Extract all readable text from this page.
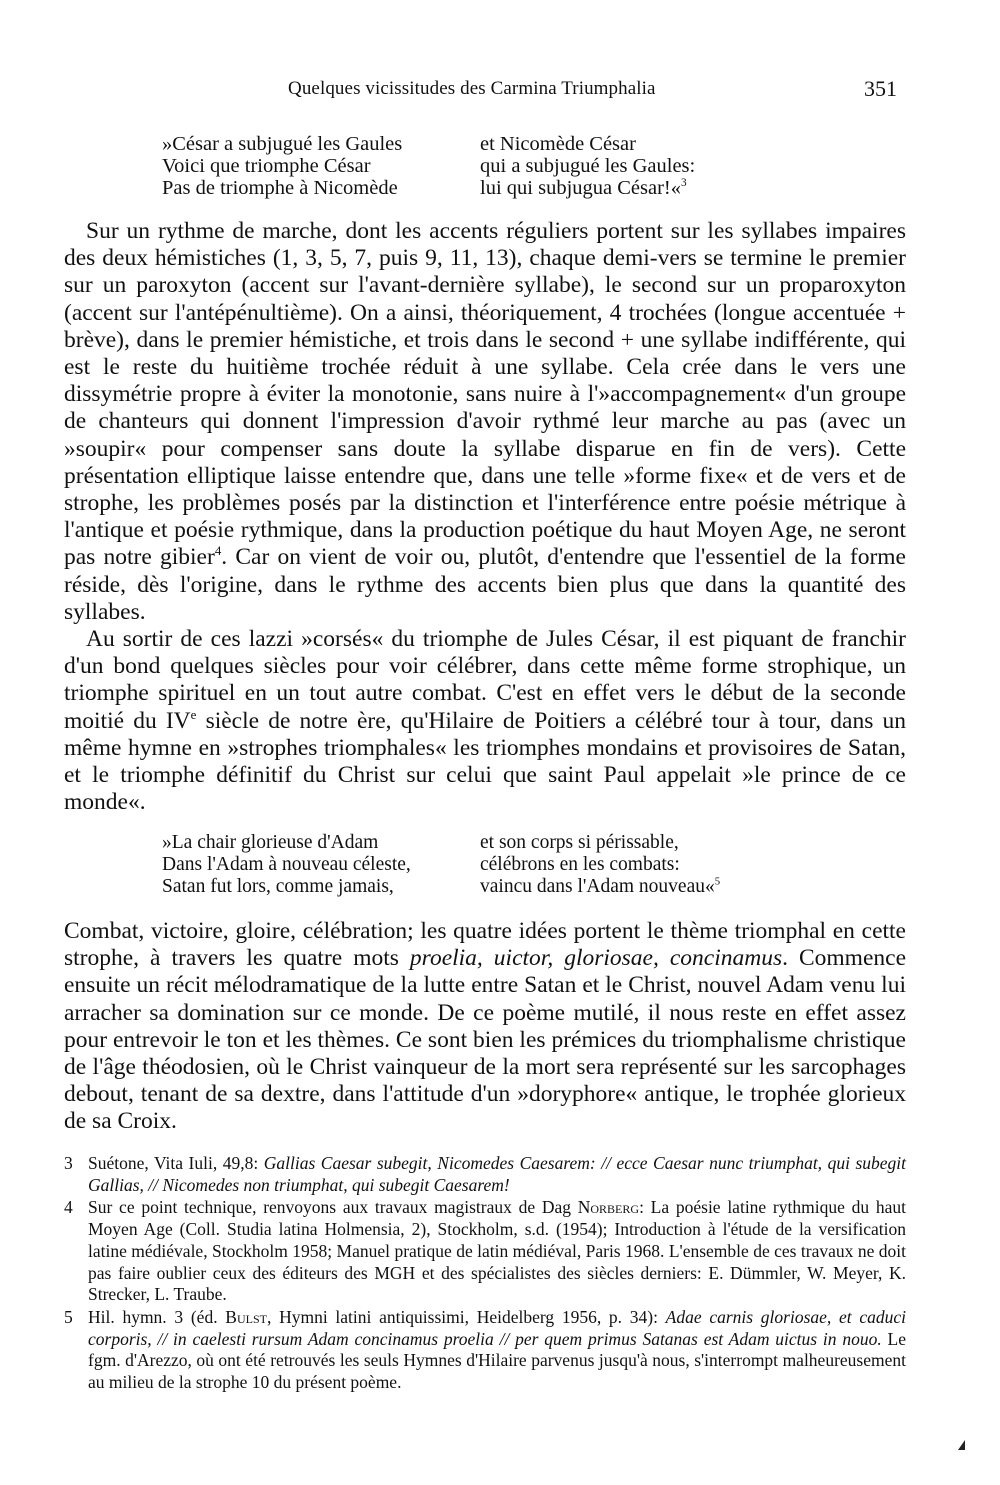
Quelques vicissitudes des Carmina Triumphalia	351
»César a subjugué les Gaules	et Nicomède César
Voici que triomphe César	qui a subjugué les Gaules:
Pas de triomphe à Nicomède	lui qui subjugua César!«$^3$

Sur un rythme de marche, dont les accents réguliers portent sur les syllabes impaires des deux hémistiches (1, 3, 5, 7, puis 9, 11, 13), chaque demi-vers se termine le premier sur un paroxyton (accent sur l'avant-dernière syllabe), le second sur un proparoxyton (accent sur l'antépénultième). On a ainsi, théoriquement, 4 trochées (longue accentuée + brève), dans le premier hémistiche, et trois dans le second + une syllabe indifférente, qui est le reste du huitième trochée réduit à une syllabe. Cela crée dans le vers une dissymétrie propre à éviter la monotonie, sans nuire à l'»accompagnement« d'un groupe de chanteurs qui donnent l'impression d'avoir rythmé leur marche au pas (avec un »soupir« pour compenser sans doute la syllabe disparue en fin de vers). Cette présentation elliptique laisse entendre que, dans une telle »forme fixe« et de vers et de strophe, les problèmes posés par la distinction et l'interférence entre poésie métrique à l'antique et poésie rythmique, dans la production poétique du haut Moyen Age, ne seront pas notre gibier$^4$. Car on vient de voir ou, plutôt, d'entendre que l'essentiel de la forme réside, dès l'origine, dans le rythme des accents bien plus que dans la quantité des syllabes.

Au sortir de ces lazzi »corsés« du triomphe de Jules César, il est piquant de franchir d'un bond quelques siècles pour voir célébrer, dans cette même forme strophique, un triomphe spirituel en un tout autre combat. C'est en effet vers le début de la seconde moitié du IVe siècle de notre ère, qu'Hilaire de Poitiers a célébré tour à tour, dans un même hymne en »strophes triomphales« les triomphes mondains et provisoires de Satan, et le triomphe définitif du Christ sur celui que saint Paul appelait »le prince de ce monde«.

»La chair glorieuse d'Adam	et son corps si périssable,
Dans l'Adam à nouveau céleste,	célébrons en les combats:
Satan fut lors, comme jamais,	vaincu dans l'Adam nouveau«$^5$

Combat, victoire, gloire, célébration; les quatre idées portent le thème triomphal en cette strophe, à travers les quatre mots proelia, uictor, gloriosae, concinamus. Commence ensuite un récit mélodramatique de la lutte entre Satan et le Christ, nouvel Adam venu lui arracher sa domination sur ce monde. De ce poème mutilé, il nous reste en effet assez pour entrevoir le ton et les thèmes. Ce sont bien les prémices du triomphalisme christique de l'âge théodosien, où le Christ vainqueur de la mort sera représenté sur les sarcophages debout, tenant de sa dextre, dans l'attitude d'un »doryphore« antique, le trophée glorieux de sa Croix.

3 Suétone, Vita Iuli, 49,8: Gallias Caesar subegit, Nicomedes Caesarem: // ecce Caesar nunc triumphat, qui subegit Gallias, // Nicomedes non triumphat, qui subegit Caesarem!
4 Sur ce point technique, renvoyons aux travaux magistraux de Dag Norberg: La poésie latine rythmique du haut Moyen Age (Coll. Studia latina Holmensia, 2), Stockholm, s.d. (1954); Introduction à l'étude de la versification latine médiévale, Stockholm 1958; Manuel pratique de latin médiéval, Paris 1968. L'ensemble de ces travaux ne doit pas faire oublier ceux des éditeurs des MGH et des spécialistes des siècles derniers: E. Dümmler, W. Meyer, K. Strecker, L. Traube.
5 Hil. hymn. 3 (éd. Bulst, Hymni latini antiquissimi, Heidelberg 1956, p. 34): Adae carnis gloriosae, et caduci corporis, // in caelesti rursum Adam concinamus proelia // per quem primus Satanas est Adam uictus in nouo. Le fgm. d'Arezzo, où ont été retrouvés les seuls Hymnes d'Hilaire parvenus jusqu'à nous, s'interrompt malheureusement au milieu de la strophe 10 du présent poème.
